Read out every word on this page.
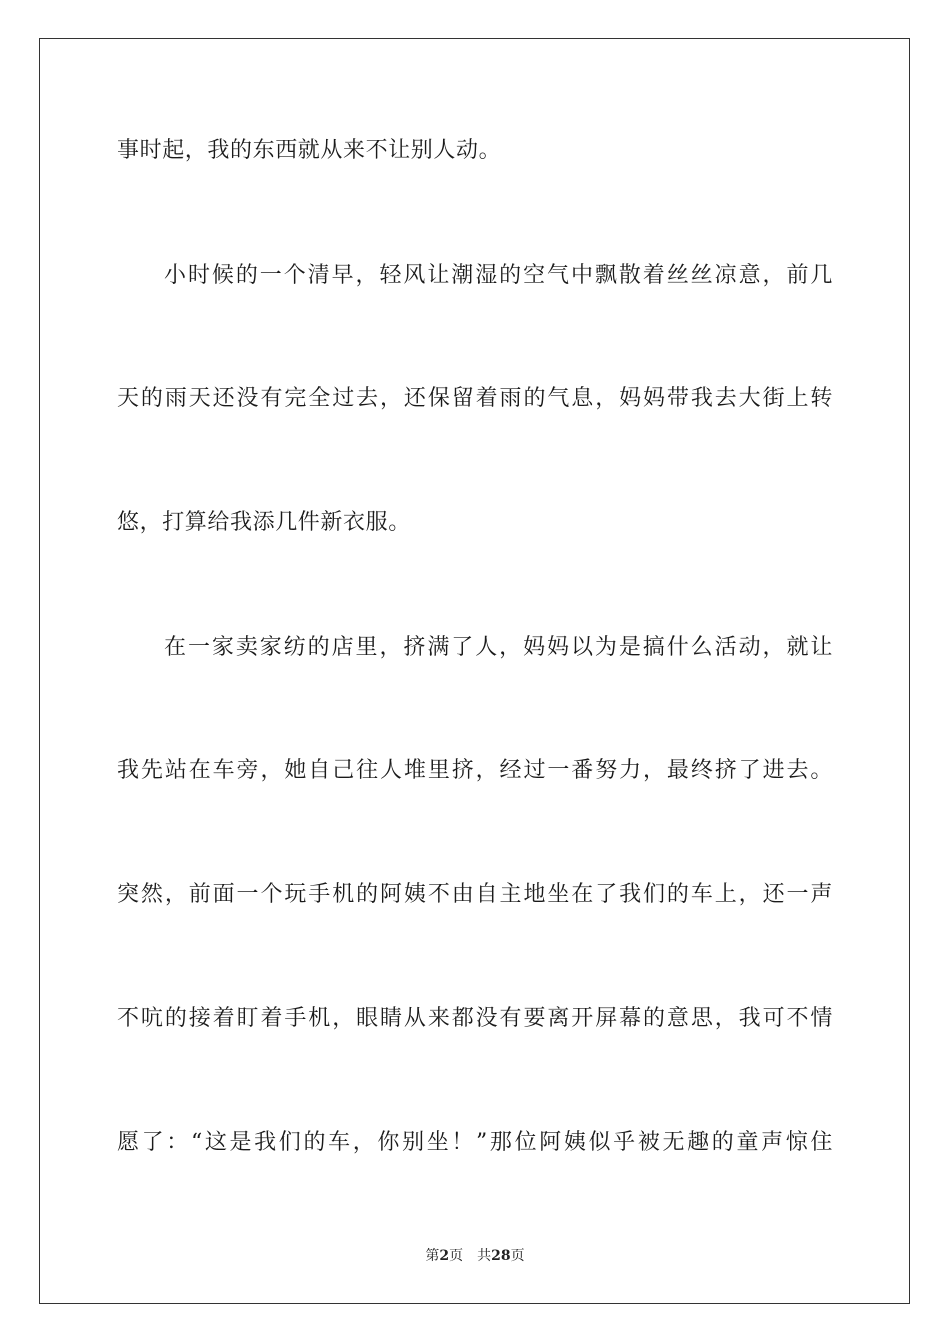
事时起，我的东西就从来不让别人动。
小时候的一个清早，轻风让潮湿的空气中飘散着丝丝凉意，前几
天的雨天还没有完全过去，还保留着雨的气息，妈妈带我去大街上转
悠，打算给我添几件新衣服。
在一家卖家纺的店里，挤满了人，妈妈以为是搞什么活动，就让
我先站在车旁，她自己往人堆里挤，经过一番努力，最终挤了进去。
突然，前面一个玩手机的阿姨不由自主地坐在了我们的车上，还一声
不吭的接着盯着手机，眼睛从来都没有要离开屏幕的意思，我可不情
愿了：“这是我们的车，你别坐！”那位阿姨似乎被无趣的童声惊住
第2页 共28页
